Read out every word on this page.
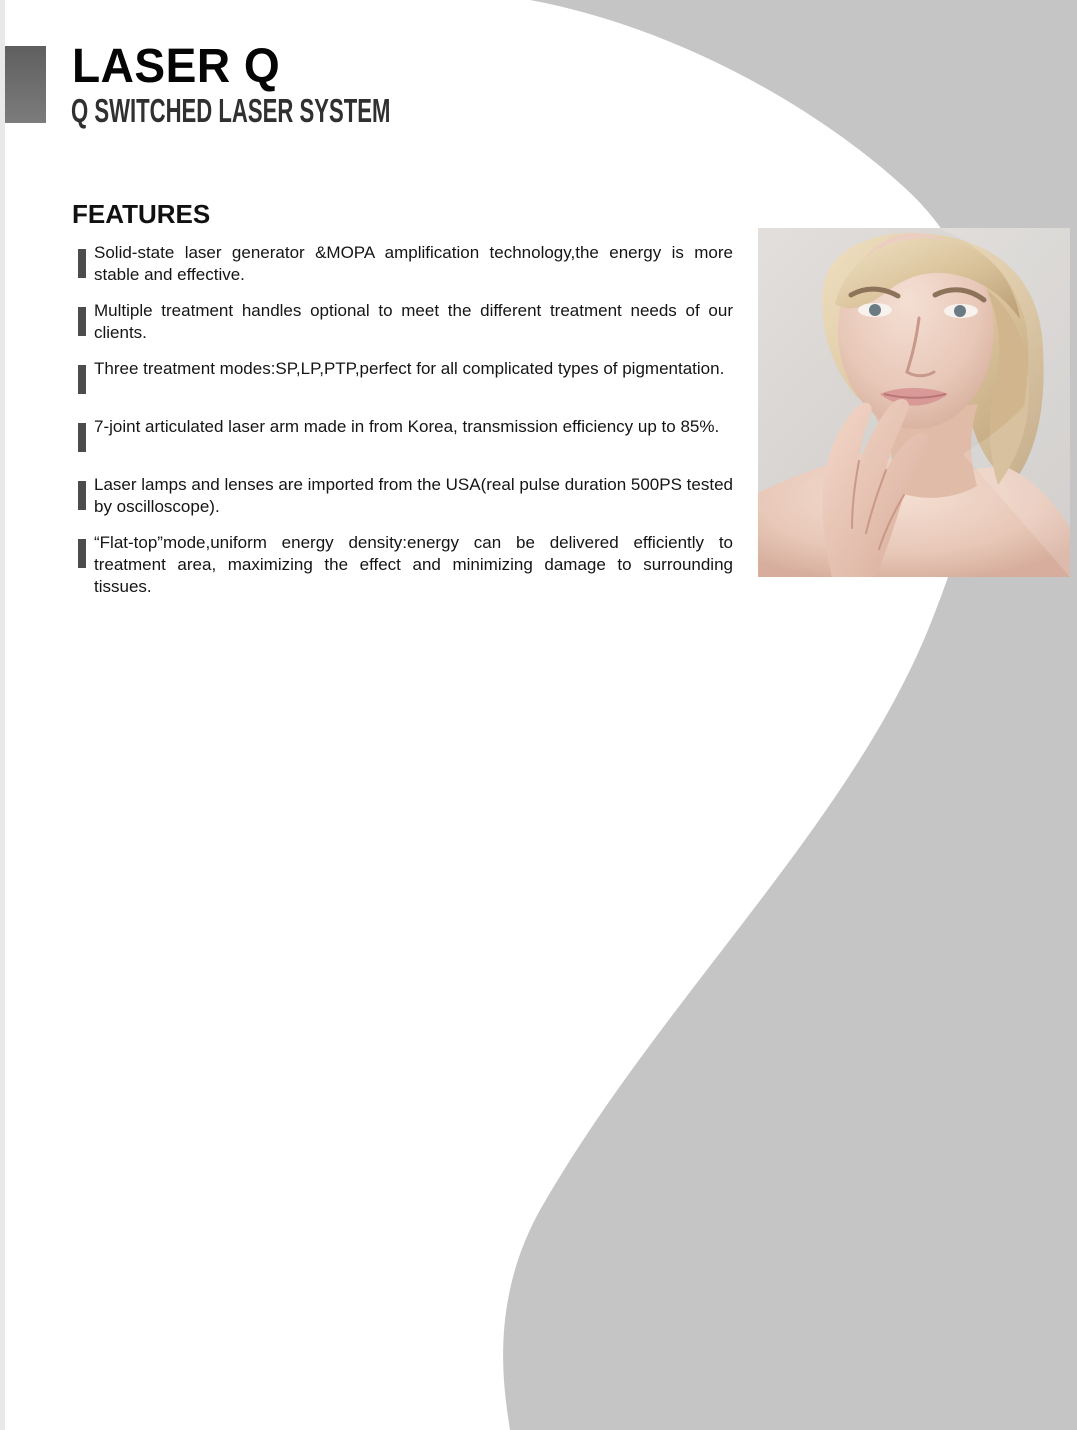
LASER Q
Q SWITCHED LASER SYSTEM
FEATURES
Solid-state laser generator &MOPA amplification technology,the energy is more stable and effective.
Multiple treatment handles optional to meet the different treatment needs of our clients.
Three treatment modes:SP,LP,PTP,perfect for all complicated types of pigmentation.
7-joint articulated laser arm made in from Korea, transmission efficiency up to 85%.
Laser lamps and lenses are imported from the USA(real pulse duration 500PS tested by oscilloscope).
“Flat-top”mode,uniform energy density:energy can be delivered efficiently to treatment area, maximizing the effect and minimizing damage to surrounding tissues.
